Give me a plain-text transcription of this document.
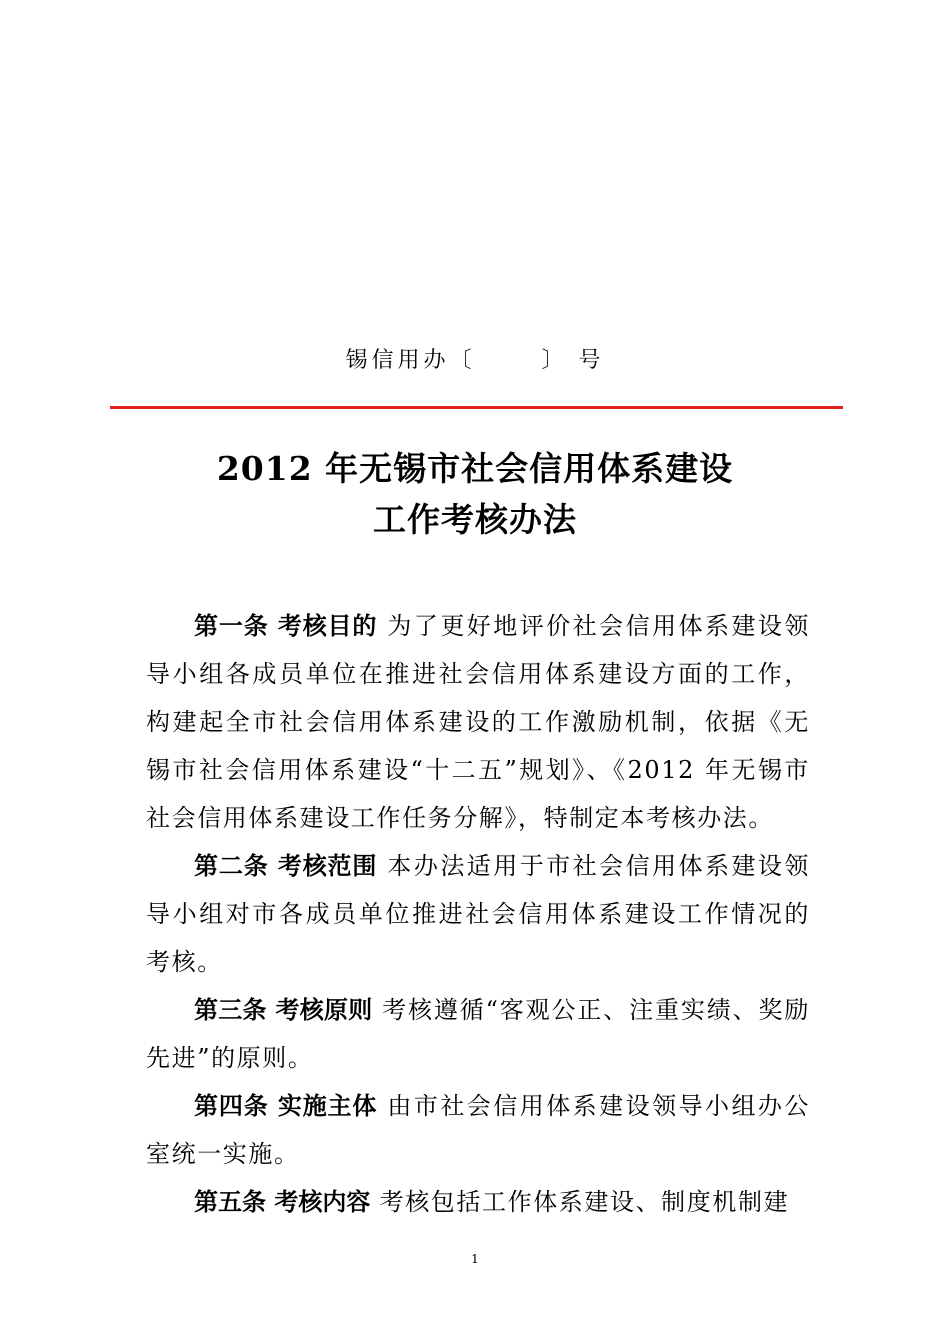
锡信用办〔      〕 号
2012 年无锡市社会信用体系建设
工作考核办法

第一条 考核目的 为了更好地评价社会信用体系建设领导小组各成员单位在推进社会信用体系建设方面的工作，构建起全市社会信用体系建设的工作激励机制，依据《无锡市社会信用体系建设“十二五”规划》、《2012 年无锡市社会信用体系建设工作任务分解》，特制定本考核办法。

第二条 考核范围 本办法适用于市社会信用体系建设领导小组对市各成员单位推进社会信用体系建设工作情况的考核。

第三条 考核原则 考核遵循“客观公正、注重实绩、奖励先进”的原则。

第四条 实施主体 由市社会信用体系建设领导小组办公室统一实施。

第五条 考核内容 考核包括工作体系建设、制度机制建

1
